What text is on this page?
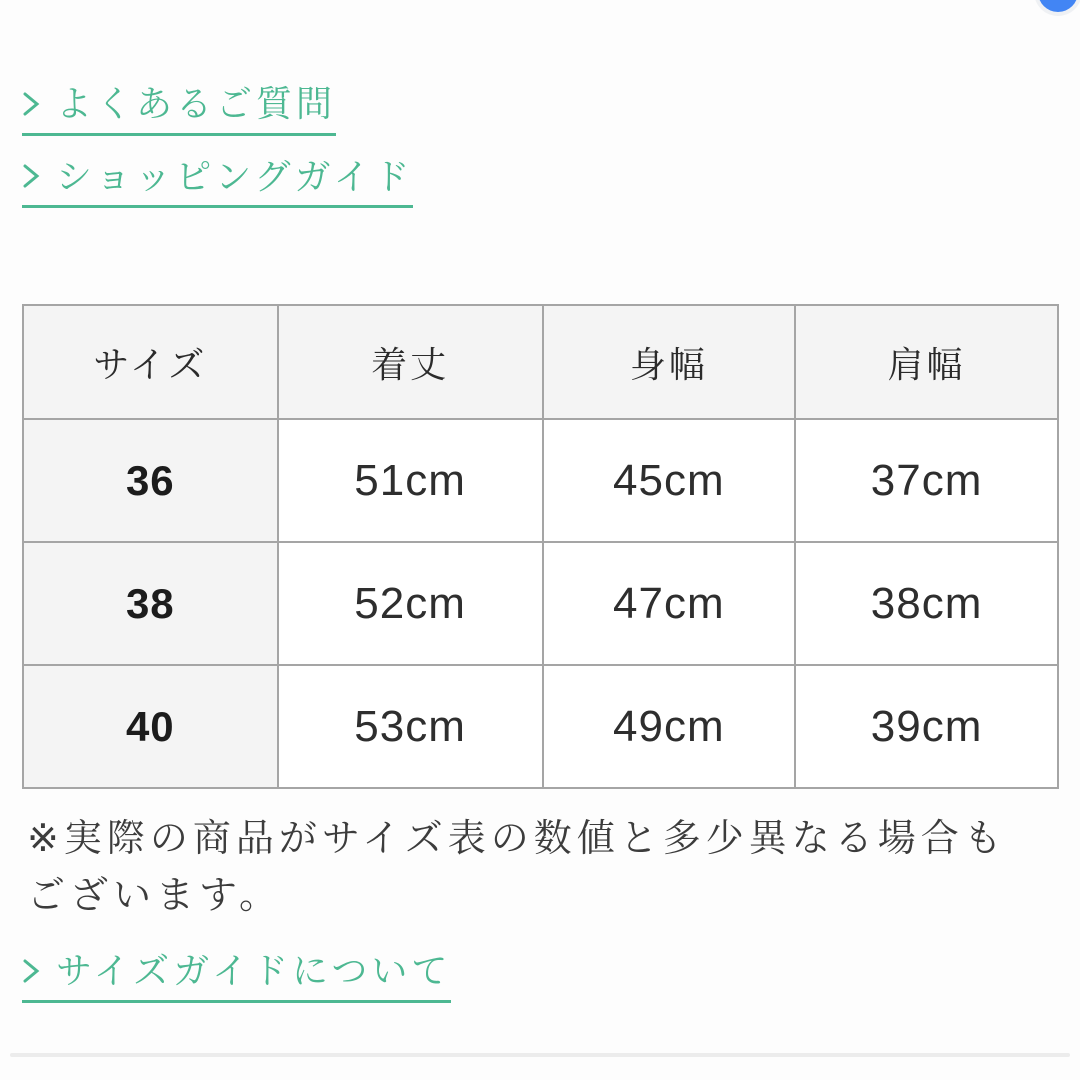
よくあるご質問
ショッピングガイド
サイズ	着丈	身幅	肩幅
36	51cm	45cm	37cm
38	52cm	47cm	38cm
40	53cm	49cm	39cm
※実際の商品がサイズ表の数値と多少異なる場合も
ございます。
サイズガイドについて
